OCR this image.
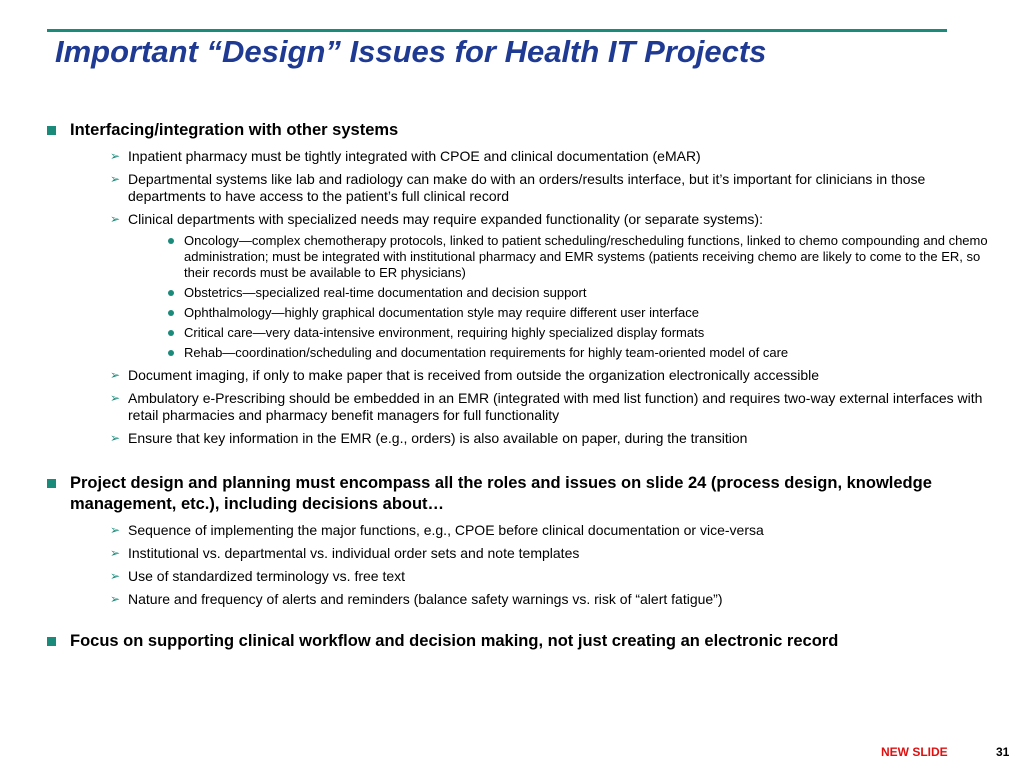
Important “Design” Issues for Health IT Projects
Interfacing/integration with other systems
➢ Inpatient pharmacy must be tightly integrated with CPOE and clinical documentation (eMAR)
➢ Departmental systems like lab and radiology can make do with an orders/results interface, but it’s important for clinicians in those departments to have access to the patient’s full clinical record
➢ Clinical departments with specialized needs may require expanded functionality (or separate systems):
Oncology—complex chemotherapy protocols, linked to patient scheduling/rescheduling functions, linked to chemo compounding and chemo administration; must be integrated with institutional pharmacy and EMR systems (patients receiving chemo are likely to come to the ER, so their records must be available to ER physicians)
Obstetrics—specialized real-time documentation and decision support
Ophthalmology—highly graphical documentation style may require different user interface
Critical care—very data-intensive environment, requiring highly specialized display formats
Rehab—coordination/scheduling and documentation requirements for highly team-oriented model of care
➢ Document imaging, if only to make paper that is received from outside the organization electronically accessible
➢ Ambulatory e-Prescribing should be embedded in an EMR (integrated with med list function) and requires two-way external interfaces with retail pharmacies and pharmacy benefit managers for full functionality
➢ Ensure that key information in the EMR (e.g., orders) is also available on paper, during the transition
Project design and planning must encompass all the roles and issues on slide 24 (process design, knowledge management, etc.), including decisions about…
➢ Sequence of implementing the major functions, e.g., CPOE before clinical documentation or vice-versa
➢ Institutional vs. departmental vs. individual order sets and note templates
➢ Use of standardized terminology vs. free text
➢ Nature and frequency of alerts and reminders (balance safety warnings vs. risk of “alert fatigue”)
Focus on supporting clinical workflow and decision making, not just creating an electronic record
NEW SLIDE	31
